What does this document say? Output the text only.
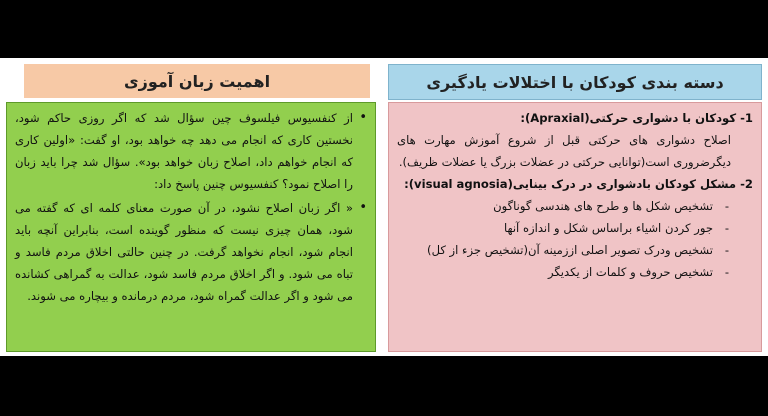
اهمیت زبان آموزی
• از کنفسیوس فیلسوف چین سؤال شد که اگر روزی حاکم شود، نخستین کاری که انجام می دهد چه خواهد بود، او گفت: «اولین کاری که انجام خواهم داد، اصلاح زبان خواهد بود». سؤال شد چرا باید زبان را اصلاح نمود؟ کنفسیوس چنین پاسخ داد:
• « اگر زبان اصلاح نشود، در آن صورت معنای کلمه ای که گفته می شود، همان چیزی نیست که منظور گوینده است، بنابراین آنچه باید انجام شود، انجام نخواهد گرفت. در چنین حالتی اخلاق مردم فاسد و تباه می شود. و اگر اخلاق مردم فاسد شود، عدالت به گمراهی کشانده می شود و اگر عدالت گمراه شود، مردم درمانده و بیچاره می شوند.
دسته بندی کودکان با اختلالات یادگیری
1- کودکان با دشواری حرکتی(Apraxial):
اصلاح دشواری های حرکتی قبل از شروع آموزش مهارت های دیگرضروری است(توانایی حرکتی در عضلات بزرگ یا عضلات ظریف).
2- مشکل کودکان بادشواری در درک بینایی(visual agnosia):
- تشخیص شکل ها و طرح های هندسی گوناگون
- جور کردن اشیاء براساس شکل و اندازه آنها
- تشخیص ودرک تصویر اصلی اززمینه آن(تشخیص جزء از کل)
- تشخیص حروف و کلمات از یکدیگر
